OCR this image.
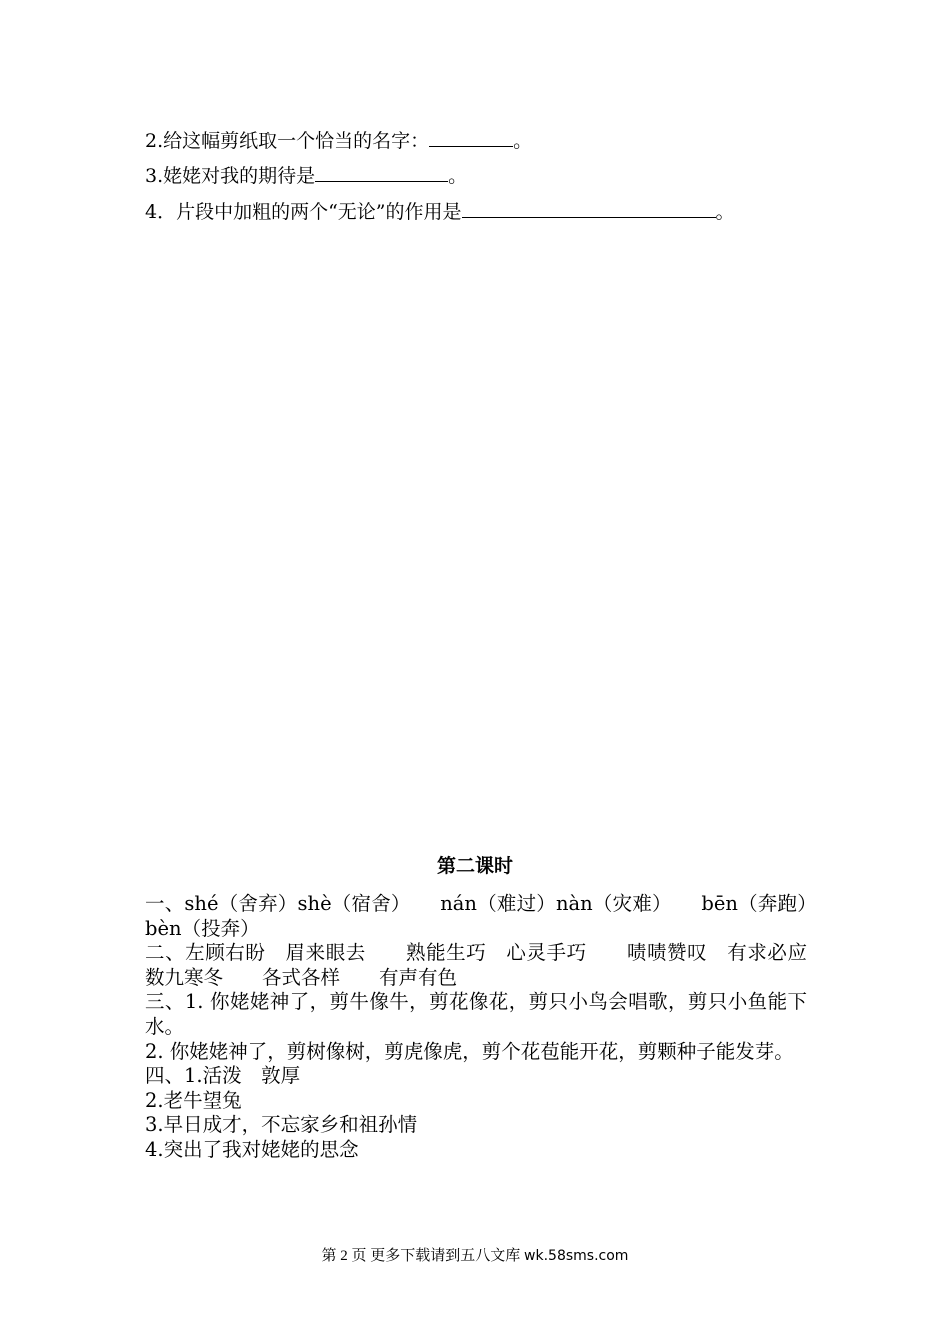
2.给这幅剪纸取一个恰当的名字：	。
3.姥姥对我的期待是	。
4．片段中加粗的两个“无论”的作用是	。
第二课时

一、shé（舍弃）shè（宿舍）　　nán（难过）nàn（灾难）　　bēn（奔跑）bèn（投奔）

二、左顾右盼　眉来眼去　　熟能生巧　心灵手巧　　啧啧赞叹　有求必应　　数九寒冬　　各式各样　　有声有色

三、1. 你姥姥神了，剪牛像牛，剪花像花，剪只小鸟会唱歌，剪只小鱼能下水。

2. 你姥姥神了，剪树像树，剪虎像虎，剪个花苞能开花，剪颗种子能发芽。

四、1.活泼　敦厚

2.老牛望兔

3.早日成才，不忘家乡和祖孙情

4.突出了我对姥姥的思念

第 2 页 更多下载请到五八文库 wk.58sms.com
